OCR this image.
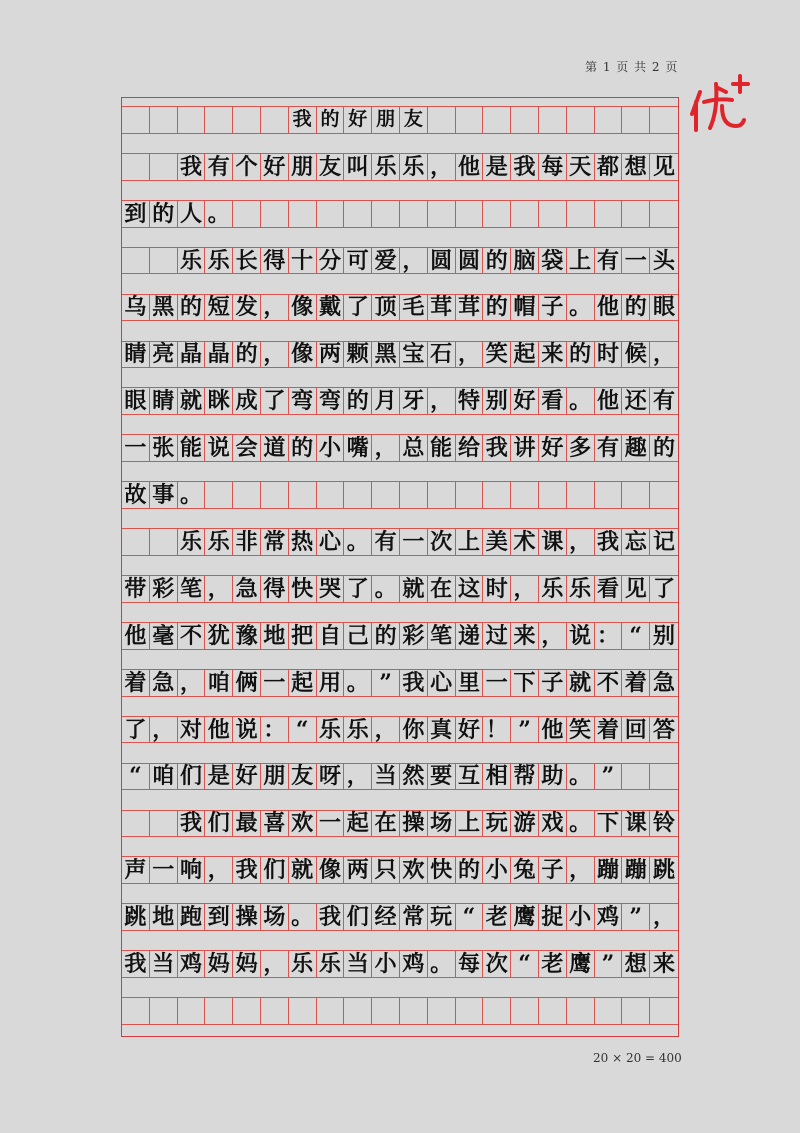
第 1 页 共 2 页
我 的 好 朋 友
我 有 个 好 朋 友 叫 乐 乐 ， 他 是 我 每 天 都 想 见
到 的 人 。
乐 乐 长 得 十 分 可 爱 ， 圆 圆 的 脑 袋 上 有 一 头
乌 黑 的 短 发 ， 像 戴 了 顶 毛 茸 茸 的 帽 子 。 他 的 眼
睛 亮 晶 晶 的 ， 像 两 颗 黑 宝 石 ， 笑 起 来 的 时 候 ，
眼 睛 就 眯 成 了 弯 弯 的 月 牙 ， 特 别 好 看 。 他 还 有
一 张 能 说 会 道 的 小 嘴 ， 总 能 给 我 讲 好 多 有 趣 的
故 事 。
乐 乐 非 常 热 心 。 有 一 次 上 美 术 课 ， 我 忘 记
带 彩 笔 ， 急 得 快 哭 了 。 就 在 这 时 ， 乐 乐 看 见 了
他 毫 不 犹 豫 地 把 自 己 的 彩 笔 递 过 来 ， 说 ： “ 别
着 急 ， 咱 俩 一 起 用 。 ” 我 心 里 一 下 子 就 不 着 急
了 ， 对 他 说 ： “ 乐 乐 ， 你 真 好 ！ ” 他 笑 着 回 答
“ 咱 们 是 好 朋 友 呀 ， 当 然 要 互 相 帮 助 。 ”
我 们 最 喜 欢 一 起 在 操 场 上 玩 游 戏 。 下 课 铃
声 一 响 ， 我 们 就 像 两 只 欢 快 的 小 兔 子 ， 蹦 蹦 跳
跳 地 跑 到 操 场 。 我 们 经 常 玩 “ 老 鹰 捉 小 鸡 ” ，
我 当 鸡 妈 妈 ， 乐 乐 当 小 鸡 。 每 次 “ 老 鹰 ” 想 来
20 × 20 = 400
